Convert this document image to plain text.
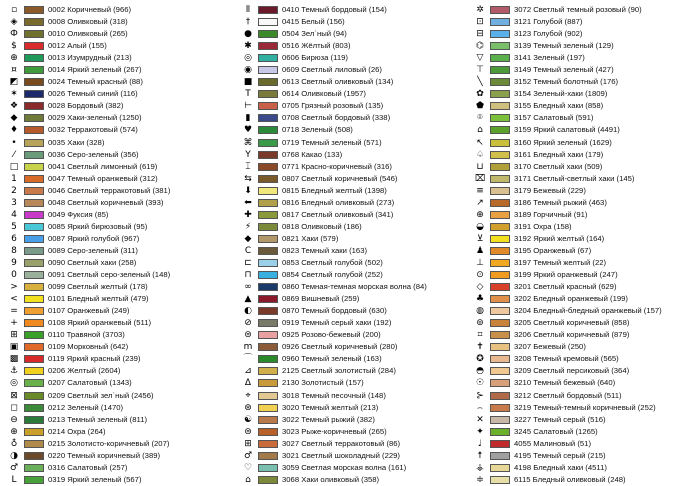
▫	0002 Коричневый (966)
◈	0008 Оливковый (318)
Ф	0010 Оливковый (265)
$	0012 Алый (155)
⊕	0013 Изумрудный (213)
¤	0014 Яркий зеленый (267)
◩	0024 Темный красный (88)
✶	0026 Темный синий (116)
❖	0028 Бордовый (382)
◆	0029 Хаки-зеленый (1250)
♦	0032 Терракотовый (574)
•	0035 Хаки (328)
⁄	0036 Серо-зеленый (356)
□	0041 Светлый лимонный (619)
1	0047 Темный оранжевый (312)
2	0046 Светлый терракотовый (381)
3	0048 Светлый коричневый (393)
4	0049 Фуксия (85)
5	0085 Яркий бирюзовый (95)
6	0087 Яркий голубой (967)
8	0089 Серо-зеленый (311)
9	0090 Светлый хаки (258)
0	0091 Светлый серо-зеленый (148)
>	0099 Светлый желтый (178)
<	0101 Бледный желтый (479)
=	0107 Оранжевый (249)
+	0108 Яркий оранжевый (511)
⊞	0110 Травяной (3703)
▣	0109 Морковный (642)
▩	0119 Яркий красный (239)
⚓	0206 Желтый (2604)
◎	0207 Салатовый (1343)
⊠	0209 Светлый зел`ный (2456)
◻	0212 Зеленый (1470)
⊖	0213 Темный зеленый (811)
⊕	0214 Охра (264)
♁	0215 Золотисто-коричневый (207)
◑	0220 Темный коричневый (389)
♂	0316 Салатовый (257)
L	0319 Яркий зеленый (567)
⦀	0410 Темный бордовый (154)
†	0415 Белый (156)
●	0504 Зел`ный (94)
✱	0516 Жёлтый (803)
◎	0606 Бирюза (119)
◉	0609 Светлый лиловый (26)
■	0613 Светлый оливковый (134)
T	0614 Оливковый (1957)
⊢	0705 Грязный розовый (135)
▮	0708 Светлый бордовый (338)
♥	0718 Зеленый (508)
⌘	0719 Темный зеленый (571)
Y	0768 Какао (133)
⌶	0771 Красно-коричневый (316)
⇆	0807 Светлый коричневый (546)
⬇	0815 Бледный желтый (1398)
⬅	0816 Бледный оливковый (273)
✚	0817 Светлый оливковый (341)
⚡	0818 Оливковый (186)
◆	0821 Хаки (579)
C	0823 Темный хаки (163)
⊏	0853 Светлый голубой (502)
⊓	0854 Светлый голубой (252)
∞	0860 Темная-темная морская волна (84)
▲	0869 Вишневый (259)
◐	0870 Темный бордовый (630)
⊘	0919 Темный серый хаки (192)
⊜	0925 Розово-бежевый (200)
m	0926 Светлый коричневый (280)
⌒	0960 Темный зеленый (163)
⊿	2125 Светлый золотистый (284)
Δ	2130 Золотистый (157)
⌖	3018 Темный песочный (148)
⊛	3020 Темный желтый (213)
☯	3022 Темный рыжий (382)
⊜	3023 Рыже-коричневый (265)
⊞	3027 Светлый терракотовый (86)
♂	3021 Светлый шоколадный (229)
♡	3059 Светлая морская волна (161)
⌂	3068 Хаки оливковый (358)
✲	3072 Светлый темный розовый (90)
⊡	3121 Голубой (887)
⊟	3123 Голубой (902)
⌬	3139 Темный зеленый (129)
▽	3141 Зеленый (197)
⊤	3149 Темный зеленый (427)
╲	3152 Темный болотный (176)
✿	3154 Зеленый-хаки (1809)
⬟	3155 Бледный хаки (858)
⌾	3157 Салатовый (591)
⌂	3159 Яркий салатовый (4491)
↖	3160 Яркий зеленый (1629)
♤	3161 Бледный хаки (179)
⊔	3170 Светлый хаки (509)
⌧	3171 Светлый-светлый хаки (145)
≡	3179 Бежевый (229)
↗	3186 Темный рыжий (463)
⊕	3189 Горчичный (91)
◒	3191 Охра (158)
⊻	3192 Яркий желтый (164)
♟	3195 Оранжевый (67)
⊥	3197 Темный желтый (22)
⊙	3199 Яркий оранжевый (247)
◇	3201 Светлый красный (629)
♣	3202 Бледный оранжевый (199)
◍	3204 Бледный-бледный оранжевый (157)
⊚	3205 Светлый коричневый (858)
⌗	3206 Светлый коричневый (879)
✝	3207 Бежевый (250)
✪	3208 Темный кремовый (565)
◓	3209 Светлый персиковый (364)
☉	3210 Темный бежевый (640)
⊱	3212 Светлый бордовый (511)
⌢	3219 Темный-темный коричневый (252)
✕	3227 Темный серый (516)
✦	3245 Салатовый (1265)
♩	4055 Малиновый (51)
☨	4195 Темный серый (215)
⚶	4198 Бледный хаки (4511)
≑	6115 Бледный оливковый (248)
